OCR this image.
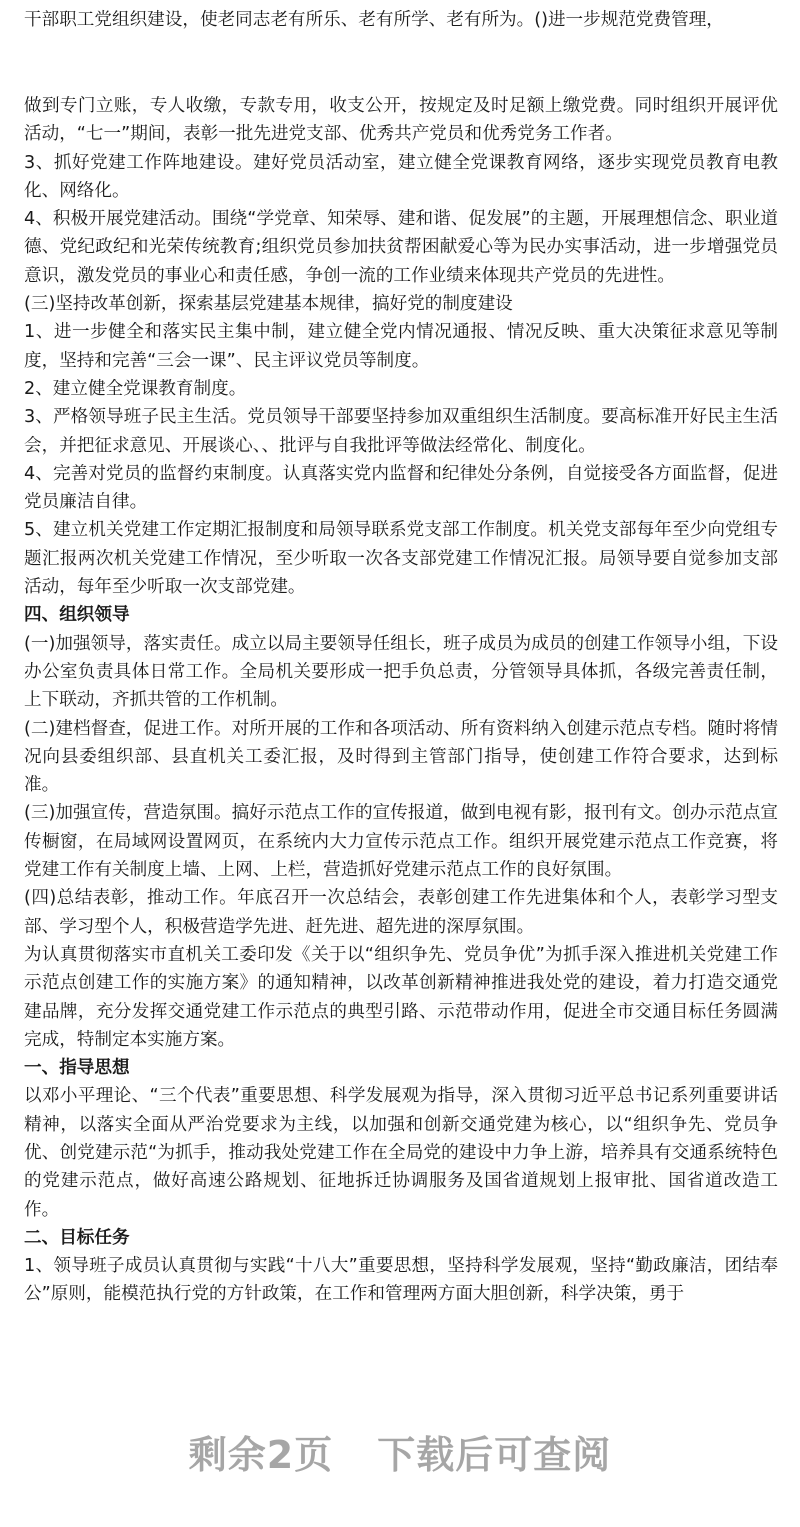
干部职工党组织建设，使老同志老有所乐、老有所学、老有所为。()进一步规范党费管理，

做到专门立账，专人收缴，专款专用，收支公开，按规定及时足额上缴党费。同时组织开展评优活动，“七一”期间，表彰一批先进党支部、优秀共产党员和优秀党务工作者。

3、抓好党建工作阵地建设。建好党员活动室，建立健全党课教育网络，逐步实现党员教育电教化、网络化。

4、积极开展党建活动。围绕“学党章、知荣辱、建和谐、促发展”的主题，开展理想信念、职业道德、党纪政纪和光荣传统教育;组织党员参加扶贫帮困献爱心等为民办实事活动，进一步增强党员意识，激发党员的事业心和责任感，争创一流的工作业绩来体现共产党员的先进性。

(三)坚持改革创新，探索基层党建基本规律，搞好党的制度建设

1、进一步健全和落实民主集中制，建立健全党内情况通报、情况反映、重大决策征求意见等制度，坚持和完善“三会一课”、民主评议党员等制度。

2、建立健全党课教育制度。

3、严格领导班子民主生活。党员领导干部要坚持参加双重组织生活制度。要高标准开好民主生活会，并把征求意见、开展谈心、、批评与自我批评等做法经常化、制度化。

4、完善对党员的监督约束制度。认真落实党内监督和纪律处分条例，自觉接受各方面监督，促进党员廉洁自律。

5、建立机关党建工作定期汇报制度和局领导联系党支部工作制度。机关党支部每年至少向党组专题汇报两次机关党建工作情况，至少听取一次各支部党建工作情况汇报。局领导要自觉参加支部活动，每年至少听取一次支部党建。

四、组织领导

(一)加强领导，落实责任。成立以局主要领导任组长，班子成员为成员的创建工作领导小组，下设办公室负责具体日常工作。全局机关要形成一把手负总责，分管领导具体抓，各级完善责任制，上下联动，齐抓共管的工作机制。

(二)建档督查，促进工作。对所开展的工作和各项活动、所有资料纳入创建示范点专档。随时将情况向县委组织部、县直机关工委汇报，及时得到主管部门指导，使创建工作符合要求，达到标准。

(三)加强宣传，营造氛围。搞好示范点工作的宣传报道，做到电视有影，报刊有文。创办示范点宣传橱窗，在局域网设置网页，在系统内大力宣传示范点工作。组织开展党建示范点工作竞赛，将党建工作有关制度上墙、上网、上栏，营造抓好党建示范点工作的良好氛围。

(四)总结表彰，推动工作。年底召开一次总结会，表彰创建工作先进集体和个人，表彰学习型支部、学习型个人，积极营造学先进、赶先进、超先进的深厚氛围。

为认真贯彻落实市直机关工委印发《关于以“组织争先、党员争优”为抓手深入推进机关党建工作示范点创建工作的实施方案》的通知精神，以改革创新精神推进我处党的建设，着力打造交通党建品牌，充分发挥交通党建工作示范点的典型引路、示范带动作用，促进全市交通目标任务圆满完成，特制定本实施方案。

一、指导思想

以邓小平理论、“三个代表”重要思想、科学发展观为指导，深入贯彻习近平总书记系列重要讲话精神，以落实全面从严治党要求为主线，以加强和创新交通党建为核心，以“组织争先、党员争优、创党建示范“为抓手，推动我处党建工作在全局党的建设中力争上游，培养具有交通系统特色的党建示范点，做好高速公路规划、征地拆迁协调服务及国省道规划上报审批、国省道改造工作。

二、目标任务

1、领导班子成员认真贯彻与实践“十八大”重要思想，坚持科学发展观，坚持“勤政廉洁，团结奉公”原则，能模范执行党的方针政策，在工作和管理两方面大胆创新，科学决策，勇于

剩余2页 下载后可查阅
